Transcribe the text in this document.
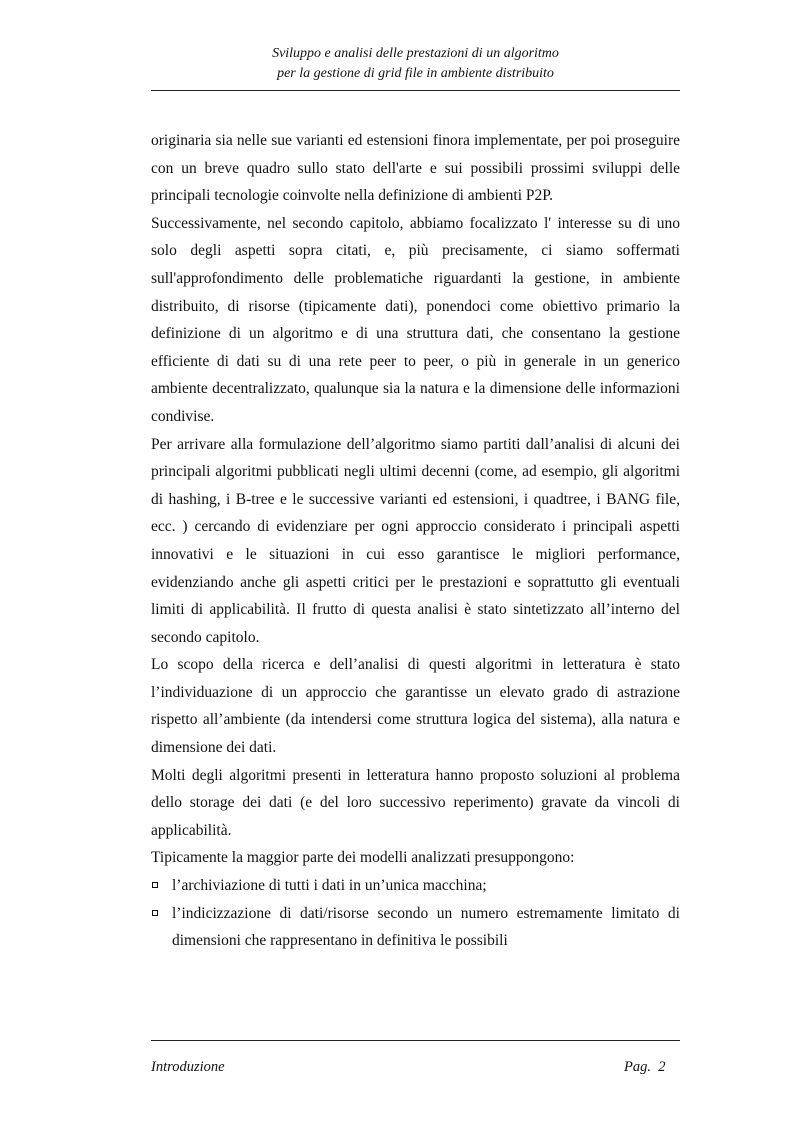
Sviluppo e analisi delle prestazioni di un algoritmo
per la gestione di grid file in ambiente distribuito

originaria sia nelle sue varianti ed estensioni finora implementate, per poi proseguire con un breve quadro sullo stato dell'arte e sui possibili prossimi sviluppi delle principali tecnologie coinvolte nella definizione di ambienti P2P.

Successivamente, nel secondo capitolo, abbiamo focalizzato l' interesse su di uno solo degli aspetti sopra citati, e, più precisamente, ci siamo soffermati sull'approfondimento delle problematiche riguardanti la gestione, in ambiente distribuito, di risorse (tipicamente dati), ponendoci come obiettivo primario la definizione di un algoritmo e di una struttura dati, che consentano la gestione efficiente di dati su di una rete peer to peer, o più in generale in un generico ambiente decentralizzato, qualunque sia la natura e la dimensione delle informazioni condivise.

Per arrivare alla formulazione dell’algoritmo siamo partiti dall’analisi di alcuni dei principali algoritmi pubblicati negli ultimi decenni (come, ad esempio, gli algoritmi di hashing, i B-tree e le successive varianti ed estensioni, i quadtree, i BANG file, ecc. ) cercando di evidenziare per ogni approccio considerato i principali aspetti innovativi e le situazioni in cui esso garantisce le migliori performance, evidenziando anche gli aspetti critici per le prestazioni e soprattutto gli eventuali limiti di applicabilità. Il frutto di questa analisi è stato sintetizzato all’interno del secondo capitolo.

Lo scopo della ricerca e dell’analisi di questi algoritmi in letteratura è stato l’individuazione di un approccio che garantisse un elevato grado di astrazione rispetto all’ambiente (da intendersi come struttura logica del sistema), alla natura e dimensione dei dati.

Molti degli algoritmi presenti in letteratura hanno proposto soluzioni al problema dello storage dei dati (e del loro successivo reperimento) gravate da vincoli di applicabilità.

Tipicamente la maggior parte dei modelli analizzati presuppongono:

l’archiviazione di tutti i dati in un’unica macchina;
l’indicizzazione di dati/risorse secondo un numero estremamente limitato di dimensioni che rappresentano in definitiva le possibili
Introduzione	Pag.  2
